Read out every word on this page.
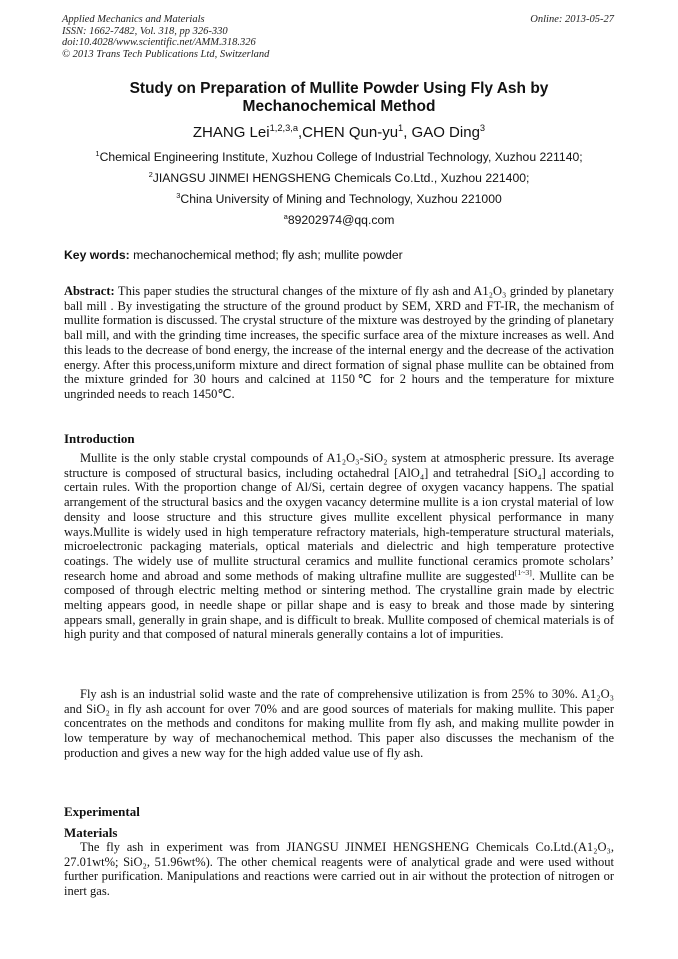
Applied Mechanics and Materials
ISSN: 1662-7482, Vol. 318, pp 326-330
doi:10.4028/www.scientific.net/AMM.318.326
© 2013 Trans Tech Publications Ltd, Switzerland
Online: 2013-05-27
Study on Preparation of Mullite Powder Using Fly Ash by
Mechanochemical Method
ZHANG Lei$^{1,2,3,a}$,CHEN Qun-$yu^1$, GAO Ding$^3$
$^1$Chemical Engineering Institute, Xuzhou College of Industrial Technology, Xuzhou 221140;
$^2$JIANGSU JINMEI HENGSHENG Chemicals Co.Ltd., Xuzhou 221400;
$^3$China University of Mining and Technology, Xuzhou 221000
$^a$89202974@qq.com
Key words: mechanochemical method; fly ash; mullite powder
Abstract: This paper studies the structural changes of the mixture of fly ash and A1₂O₃ grinded by planetary ball mill . By investigating the structure of the ground product by SEM, XRD and FT-IR, the mechanism of mullite formation is discussed. The crystal structure of the mixture was destroyed by the grinding of planetary ball mill, and with the grinding time increases, the specific surface area of the mixture increases as well. And this leads to the decrease of bond energy, the increase of the internal energy and the decrease of the activation energy. After this process,uniform mixture and direct formation of signal phase mullite can be obtained from the mixture grinded for 30 hours and calcined at 1150℃ for 2 hours and the temperature for mixture ungrinded needs to reach 1450℃.
Introduction
Mullite is the only stable crystal compounds of A1₂O₃-SiO₂ system at atmospheric pressure. Its average structure is composed of structural basics, including octahedral [AlO₄] and tetrahedral [SiO₄] according to certain rules. With the proportion change of Al/Si, certain degree of oxygen vacancy happens. The spatial arrangement of the structural basics and the oxygen vacancy determine mullite is a ion crystal material of low density and loose structure and this structure gives mullite excellent physical performance in many ways.Mullite is widely used in high temperature refractory materials, high-temperature structural materials, microelectronic packaging materials, optical materials and dielectric and high temperature protective coatings. The widely use of mullite structural ceramics and mullite functional ceramics promote scholars’ research home and abroad and some methods of making ultrafine mullite are suggested[1~3]. Mullite can be composed of through electric melting method or sintering method. The crystalline grain made by electric melting appears good, in needle shape or pillar shape and is easy to break and those made by sintering appears small, generally in grain shape, and is difficult to break. Mullite composed of chemical materials is of high purity and that composed of natural minerals generally contains a lot of impurities.
Fly ash is an industrial solid waste and the rate of comprehensive utilization is from 25% to 30%. A1₂O₃ and SiO₂ in fly ash account for over 70% and are good sources of materials for making mullite. This paper concentrates on the methods and conditons for making mullite from fly ash, and making mullite powder in low temperature by way of mechanochemical method. This paper also discusses the mechanism of the production and gives a new way for the high added value use of fly ash.
Experimental
Materials
The fly ash in experiment was from JIANGSU JINMEI HENGSHENG Chemicals Co.Ltd.(A1₂O₃, 27.01wt%; SiO₂, 51.96wt%). The other chemical reagents were of analytical grade and were used without further purification. Manipulations and reactions were carried out in air without the protection of nitrogen or inert gas.
